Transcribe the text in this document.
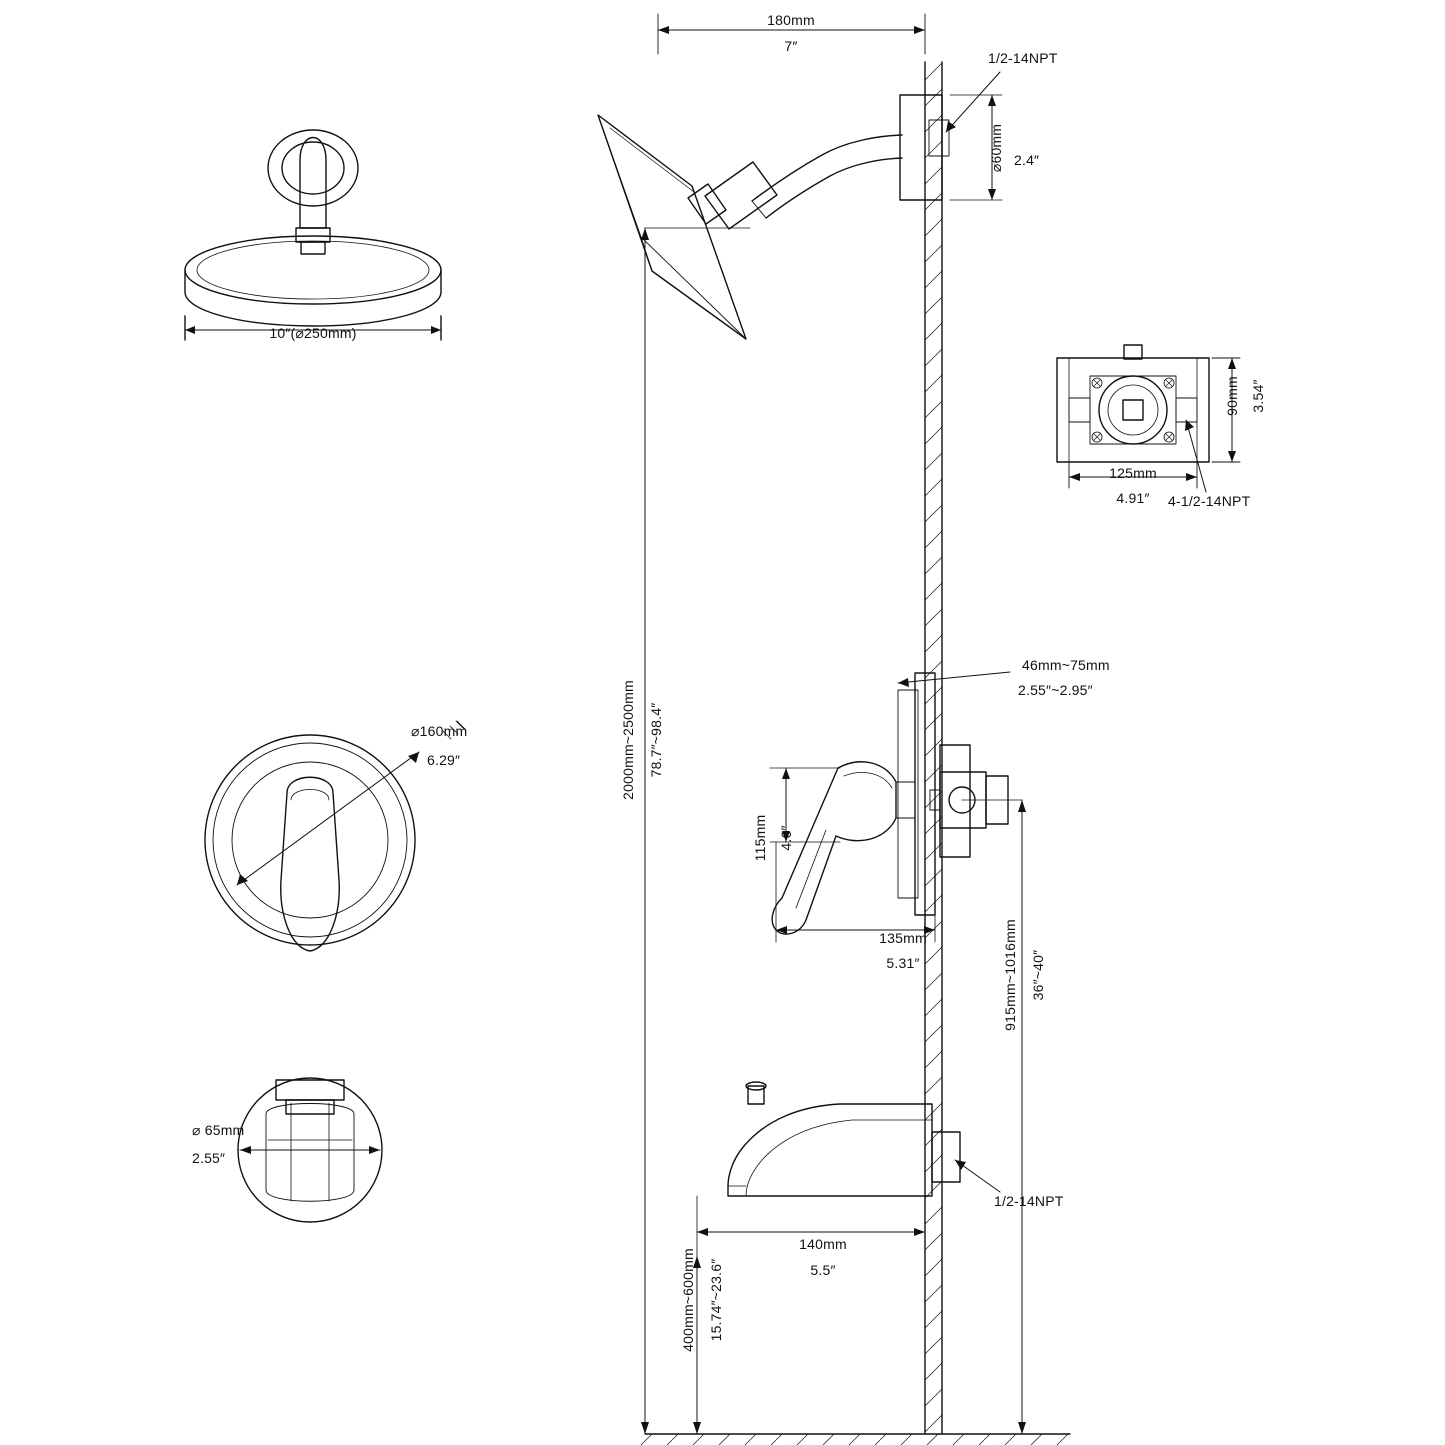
10″(⌀250mm)
⌀160mm
6.29″
⌀ 65mm
2.55″
180mm
7″
1/2-14NPT
⌀60mm 2.4″
2000mm~2500mm 78.7″~98.4″
90mm 3.54″
125mm
4.91″ 4-1/2-14NPT
46mm~75mm
2.55″~2.95″
115mm 4.6″
135mm
5.31″	915mm~1016mm 36″~40″
1/2-14NPT
140mm
5.5″
400mm~600mm 15.74″~23.6″
